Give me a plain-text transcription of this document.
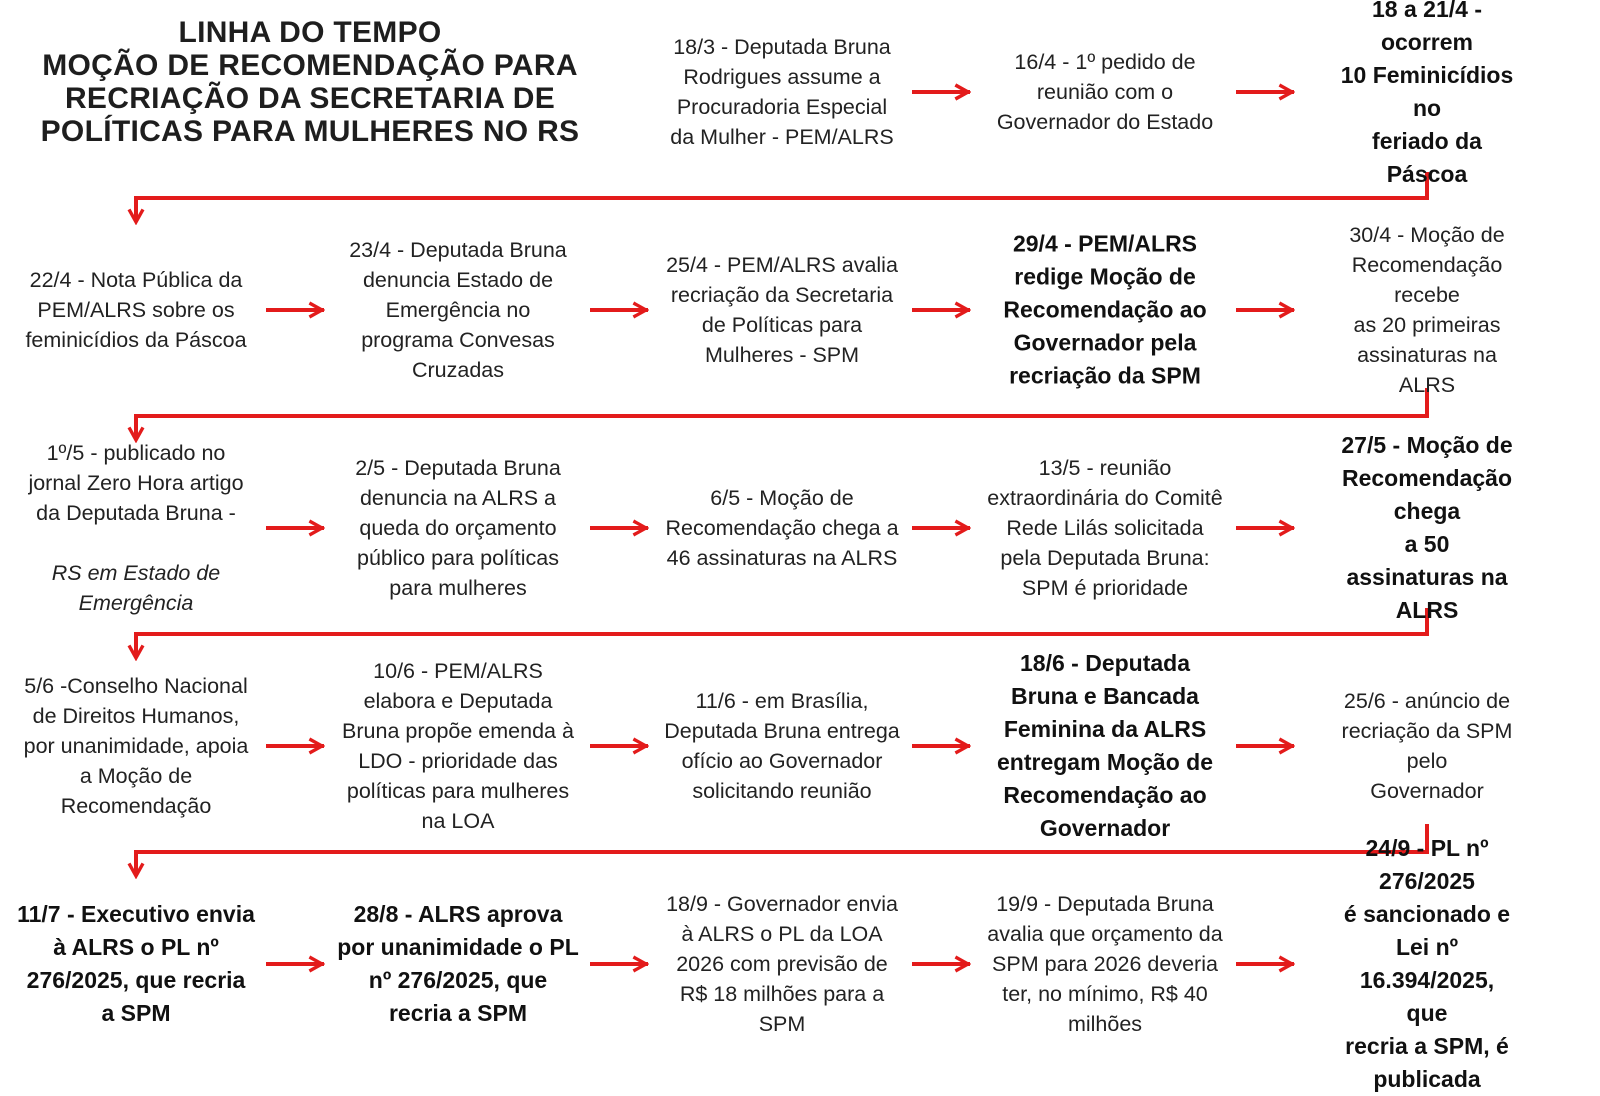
LINHA DO TEMPO
MOÇÃO DE RECOMENDAÇÃO PARA
RECRIAÇÃO DA SECRETARIA DE
POLÍTICAS PARA MULHERES NO RS
18/3 - Deputada Bruna
Rodrigues assume a
Procuradoria Especial
da Mulher - PEM/ALRS
16/4 - 1º pedido de
reunião com o
Governador do Estado
18 a 21/4 - ocorrem
10 Feminicídios no
feriado da Páscoa
22/4 - Nota Pública da
PEM/ALRS sobre os
feminicídios da Páscoa
23/4 - Deputada Bruna
denuncia Estado de
Emergência no
programa Convesas
Cruzadas
25/4 - PEM/ALRS avalia
recriação da Secretaria
de Políticas para
Mulheres - SPM
29/4 - PEM/ALRS
redige Moção de
Recomendação ao
Governador pela
recriação da SPM
30/4 - Moção de
Recomendação recebe
as 20 primeiras
assinaturas na ALRS

1º/5 - publicado no
jornal Zero Hora artigo
da Deputada Bruna -

RS em Estado de
Emergência

2/5 - Deputada Bruna
denuncia na ALRS a
queda do orçamento
público para políticas
para mulheres
6/5 - Moção de
Recomendação chega a
46 assinaturas na ALRS
13/5 - reunião
extraordinária do Comitê
Rede Lilás solicitada
pela Deputada Bruna:
SPM é prioridade
27/5 - Moção de
Recomendação chega
a 50 assinaturas na
ALRS
5/6 -Conselho Nacional
de Direitos Humanos,
por unanimidade, apoia
a Moção de
Recomendação
10/6 - PEM/ALRS
elabora e Deputada
Bruna propõe emenda à
LDO - prioridade das
políticas para mulheres
na LOA
11/6 - em Brasília,
Deputada Bruna entrega
ofício ao Governador
solicitando reunião
18/6 - Deputada
Bruna e Bancada
Feminina da ALRS
entregam Moção de
Recomendação ao
Governador
25/6 - anúncio de
recriação da SPM pelo
Governador
11/7 - Executivo envia
à ALRS o PL nº
276/2025, que recria
a SPM
28/8 - ALRS aprova
por unanimidade o PL
nº 276/2025, que
recria a SPM
18/9 - Governador envia
à ALRS o PL da LOA
2026 com previsão de
R$ 18 milhões para a
SPM
19/9 - Deputada Bruna
avalia que orçamento da
SPM para 2026 deveria
ter, no mínimo, R$ 40
milhões
24/9 - PL nº 276/2025
é sancionado e Lei nº
16.394/2025, que
recria a SPM, é
publicada
